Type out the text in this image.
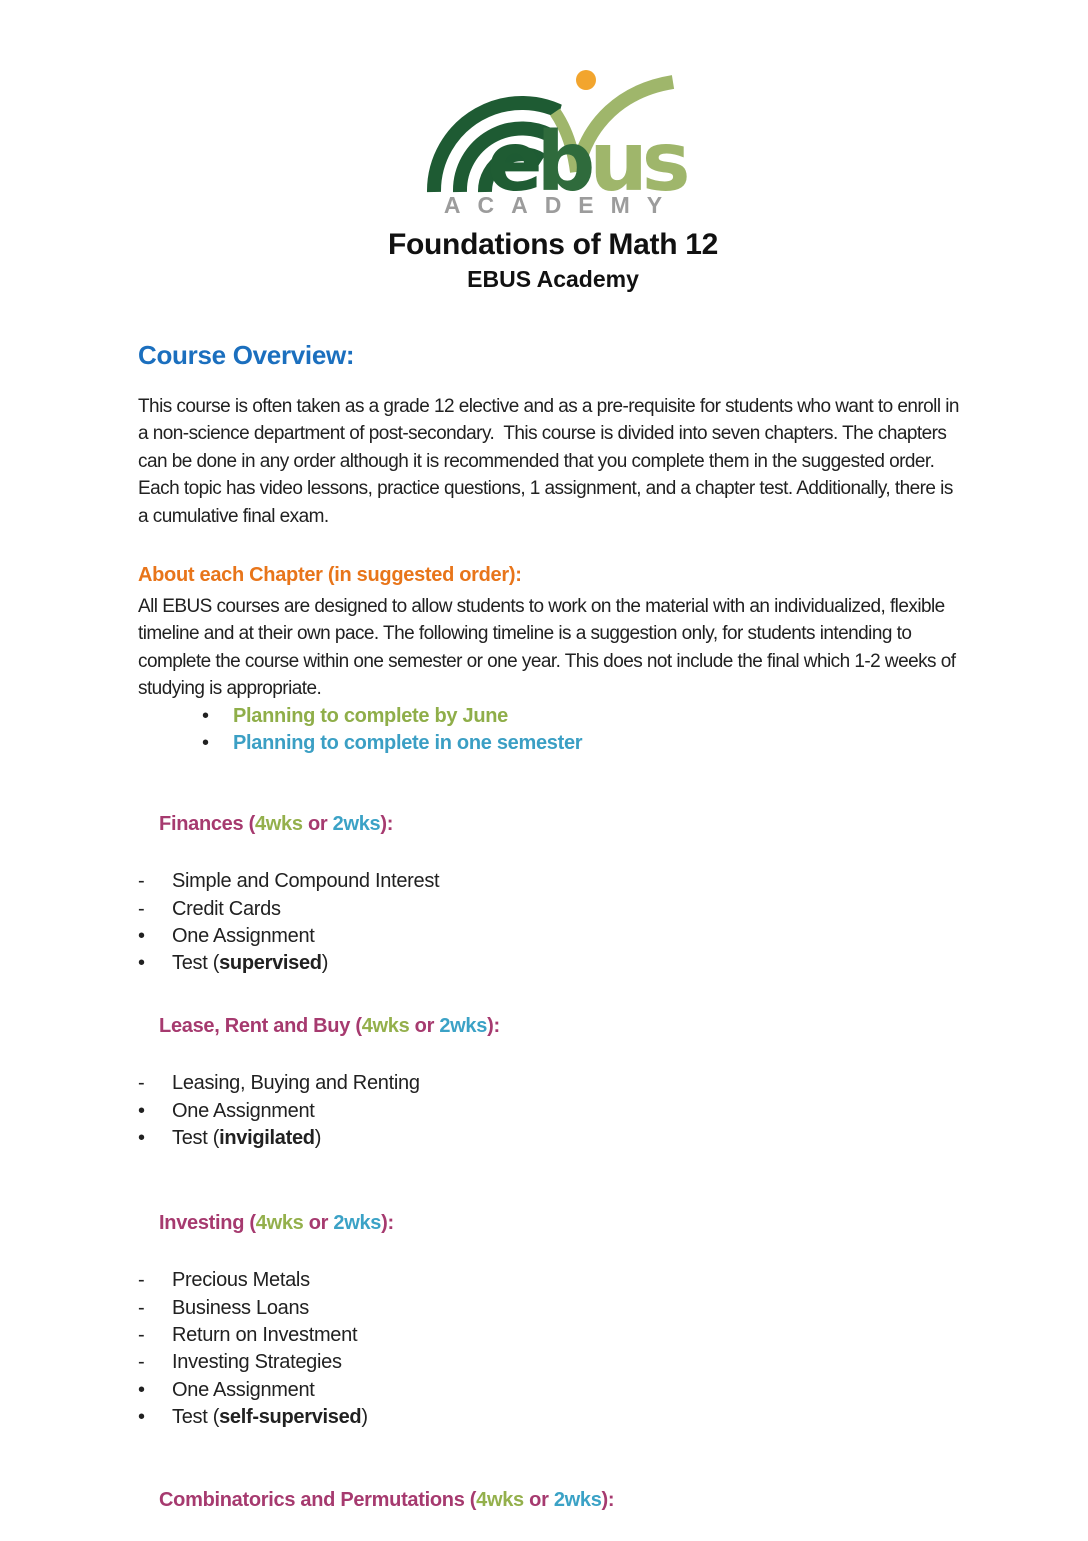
ebus
ACADEMY
Foundations of Math 12
EBUS Academy
Course Overview:

This course is often taken as a grade 12 elective and as a pre-requisite for students who want to enroll in a non-science department of post-secondary.  This course is divided into seven chapters. The chapters can be done in any order although it is recommended that you complete them in the suggested order. Each topic has video lessons, practice questions, 1 assignment, and a chapter test. Additionally, there is a cumulative final exam.

About each Chapter (in suggested order):

All EBUS courses are designed to allow students to work on the material with an individualized, flexible timeline and at their own pace. The following timeline is a suggestion only, for students intending to complete the course within one semester or one year. This does not include the final which 1-2 weeks of studying is appropriate.

•	Planning to complete by June
•	Planning to complete in one semester

Finances (4wks or 2wks):

-	Simple and Compound Interest
-	Credit Cards
•	One Assignment
•	Test (supervised)

Lease, Rent and Buy (4wks or 2wks):

-	Leasing, Buying and Renting
•	One Assignment
•	Test (invigilated)

Investing (4wks or 2wks):

-	Precious Metals
-	Business Loans
-	Return on Investment
-	Investing Strategies
•	One Assignment
•	Test (self-supervised)

Combinatorics and Permutations (4wks or 2wks):
